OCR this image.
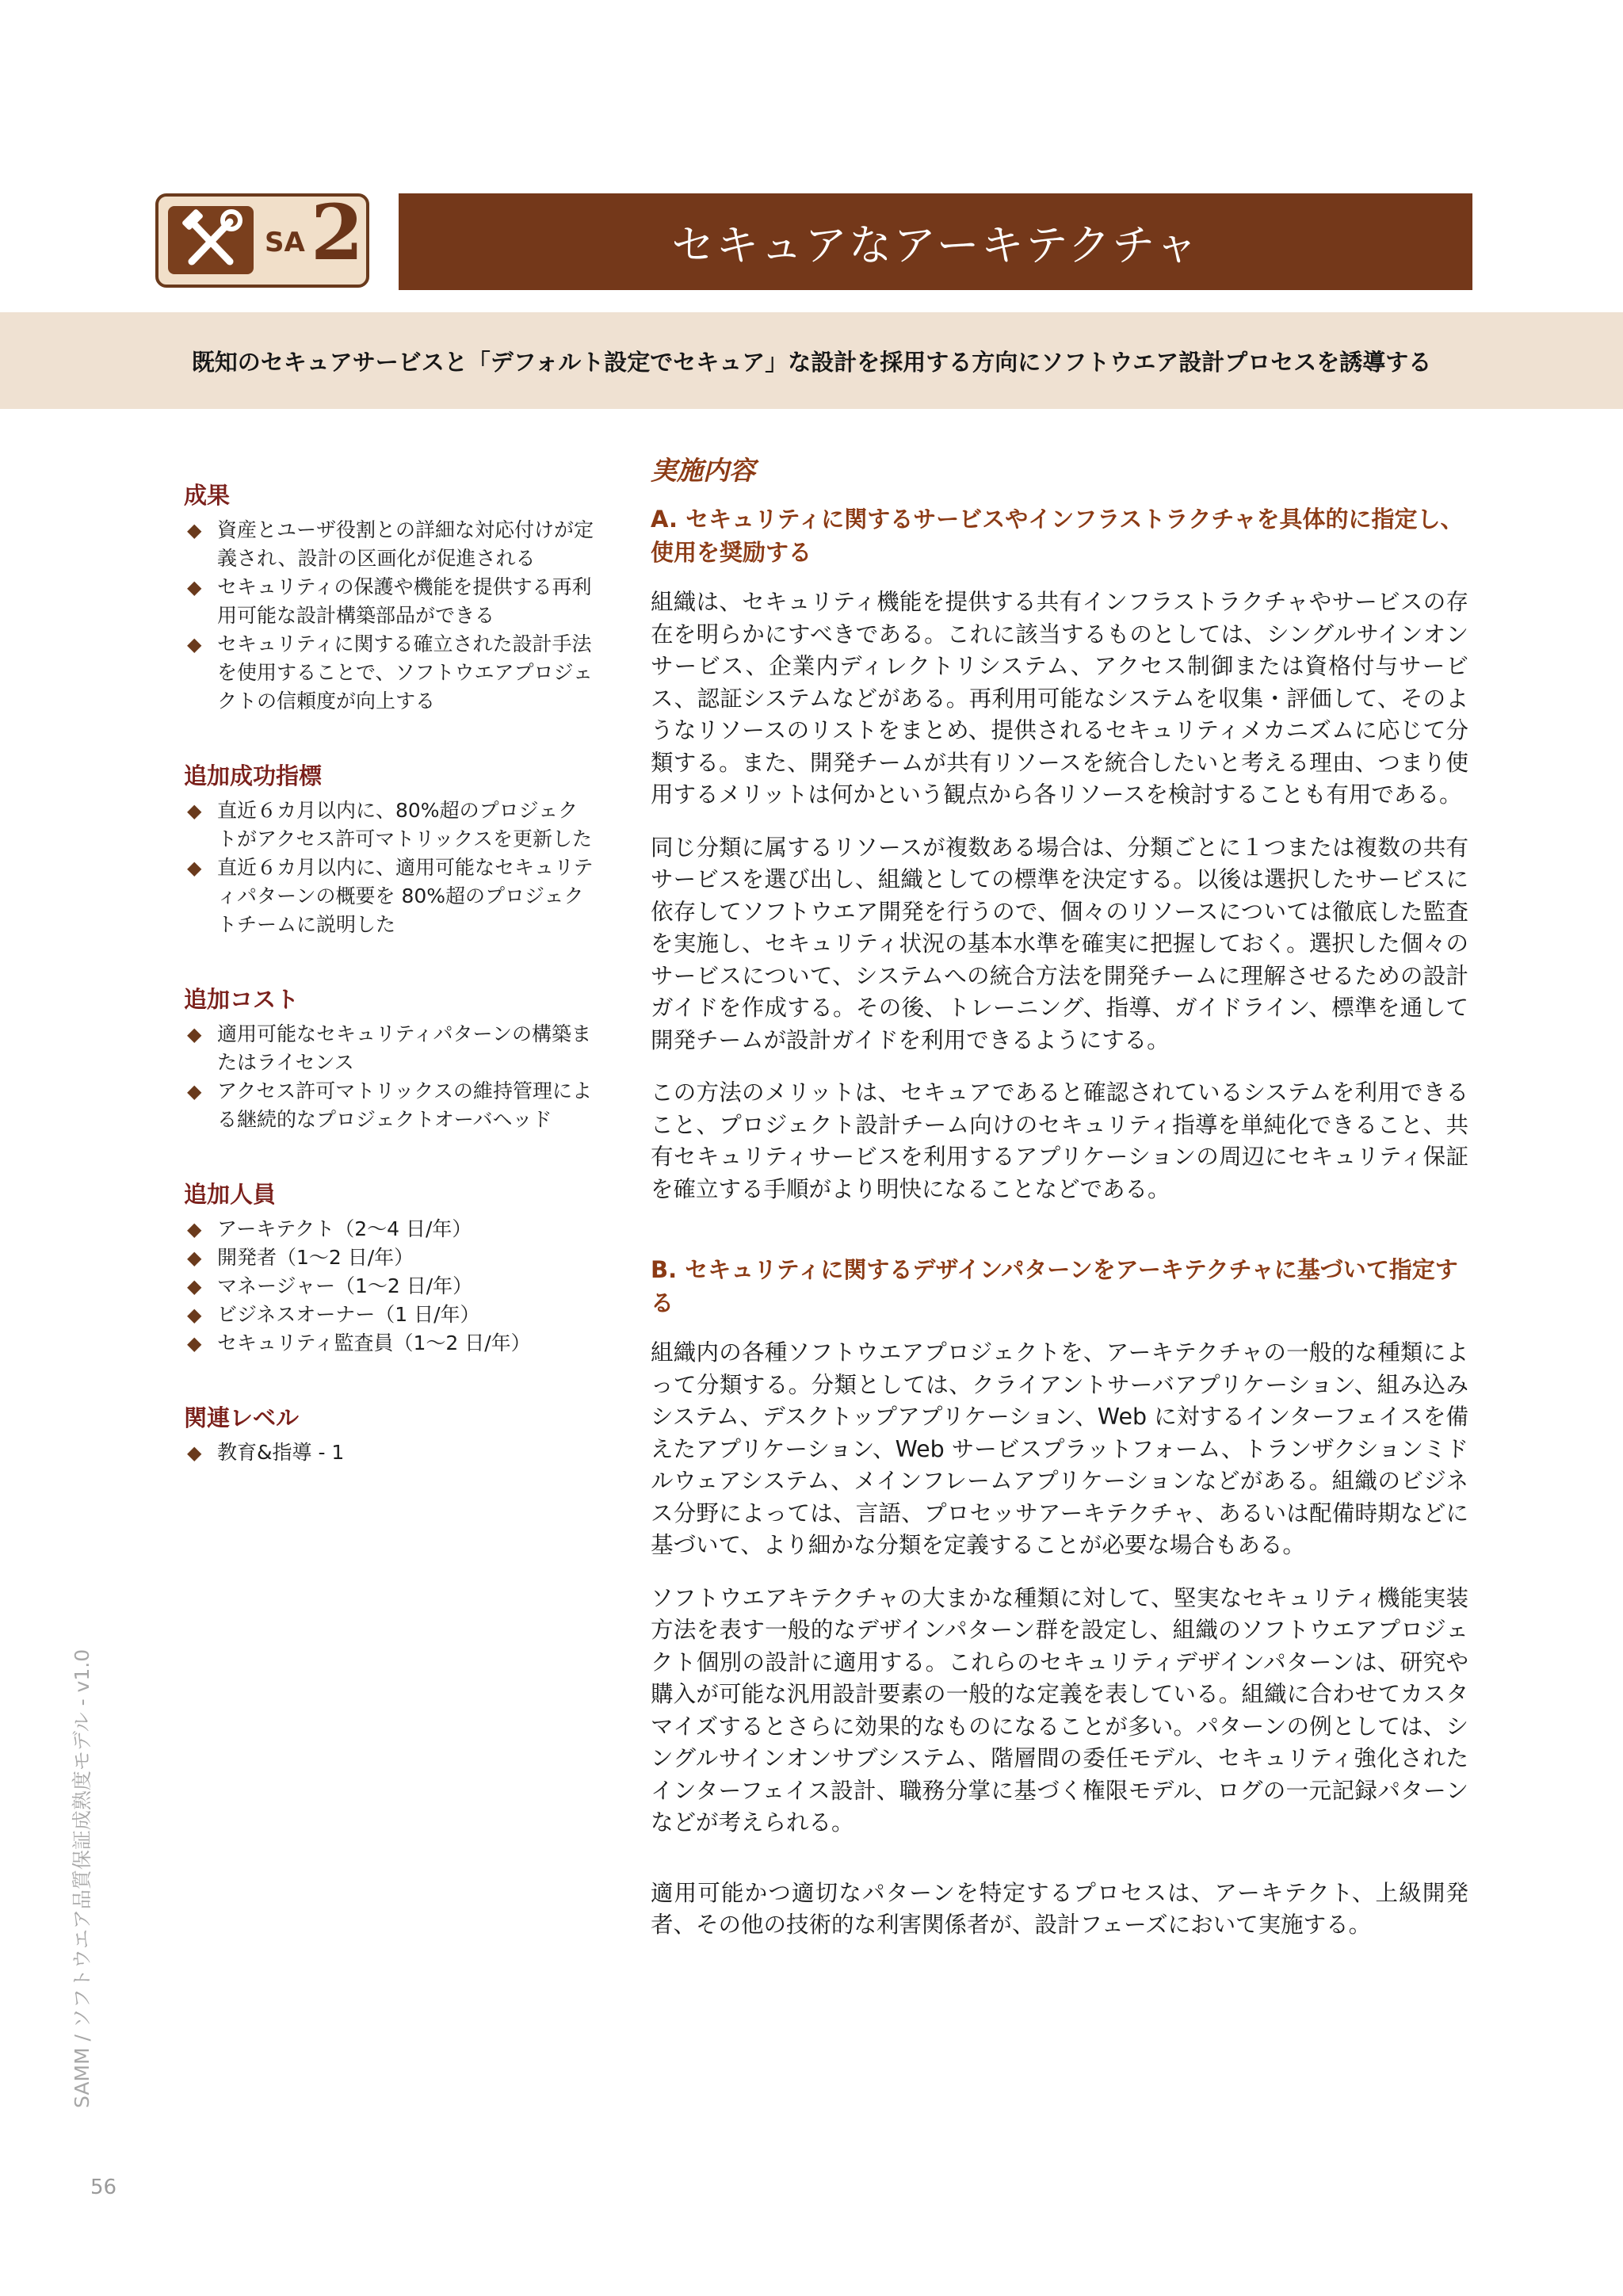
SA 2	セキュアなアーキテクチャ
既知のセキュアサービスと「デフォルト設定でセキュア」な設計を採用する方向にソフトウエア設計プロセスを誘導する
成果
◆ 資産とユーザ役割との詳細な対応付けが定義され、設計の区画化が促進される
◆ セキュリティの保護や機能を提供する再利用可能な設計構築部品ができる
◆ セキュリティに関する確立された設計手法を使用することで、ソフトウエアプロジェクトの信頼度が向上する
追加成功指標
◆ 直近６カ月以内に、80%超のプロジェクトがアクセス許可マトリックスを更新した
◆ 直近６カ月以内に、適用可能なセキュリティパターンの概要を 80%超のプロジェクトチームに説明した
追加コスト
◆ 適用可能なセキュリティパターンの構築またはライセンス
◆ アクセス許可マトリックスの維持管理による継続的なプロジェクトオーバヘッド
追加人員
◆ アーキテクト（2〜4 日/年）
◆ 開発者（1〜2 日/年）
◆ マネージャー（1〜2 日/年）
◆ ビジネスオーナー（1 日/年）
◆ セキュリティ監査員（1〜2 日/年）
関連レベル
◆ 教育&指導 - 1
実施内容
A. セキュリティに関するサービスやインフラストラクチャを具体的に指定し、使用を奨励する

組織は、セキュリティ機能を提供する共有インフラストラクチャやサービスの存在を明らかにすべきである。これに該当するものとしては、シングルサインオンサービス、企業内ディレクトリシステム、アクセス制御または資格付与サービス、認証システムなどがある。再利用可能なシステムを収集・評価して、そのようなリソースのリストをまとめ、提供されるセキュリティメカニズムに応じて分類する。また、開発チームが共有リソースを統合したいと考える理由、つまり使用するメリットは何かという観点から各リソースを検討することも有用である。

同じ分類に属するリソースが複数ある場合は、分類ごとに１つまたは複数の共有サービスを選び出し、組織としての標準を決定する。以後は選択したサービスに依存してソフトウエア開発を行うので、個々のリソースについては徹底した監査を実施し、セキュリティ状況の基本水準を確実に把握しておく。選択した個々のサービスについて、システムへの統合方法を開発チームに理解させるための設計ガイドを作成する。その後、トレーニング、指導、ガイドライン、標準を通して開発チームが設計ガイドを利用できるようにする。

この方法のメリットは、セキュアであると確認されているシステムを利用できること、プロジェクト設計チーム向けのセキュリティ指導を単純化できること、共有セキュリティサービスを利用するアプリケーションの周辺にセキュリティ保証を確立する手順がより明快になることなどである。

B. セキュリティに関するデザインパターンをアーキテクチャに基づいて指定する

組織内の各種ソフトウエアプロジェクトを、アーキテクチャの一般的な種類によって分類する。分類としては、クライアントサーバアプリケーション、組み込みシステム、デスクトップアプリケーション、Web に対するインターフェイスを備えたアプリケーション、Web サービスプラットフォーム、トランザクションミドルウェアシステム、メインフレームアプリケーションなどがある。組織のビジネス分野によっては、言語、プロセッサアーキテクチャ、あるいは配備時期などに基づいて、より細かな分類を定義することが必要な場合もある。

ソフトウエアキテクチャの大まかな種類に対して、堅実なセキュリティ機能実装方法を表す一般的なデザインパターン群を設定し、組織のソフトウエアプロジェクト個別の設計に適用する。これらのセキュリティデザインパターンは、研究や購入が可能な汎用設計要素の一般的な定義を表している。組織に合わせてカスタマイズするとさらに効果的なものになることが多い。パターンの例としては、シングルサインオンサブシステム、階層間の委任モデル、セキュリティ強化されたインターフェイス設計、職務分掌に基づく権限モデル、ログの一元記録パターンなどが考えられる。

適用可能かつ適切なパターンを特定するプロセスは、アーキテクト、上級開発者、その他の技術的な利害関係者が、設計フェーズにおいて実施する。

SAMM / ソフトウエア品質保証成熟度モデル - v1.0
56
